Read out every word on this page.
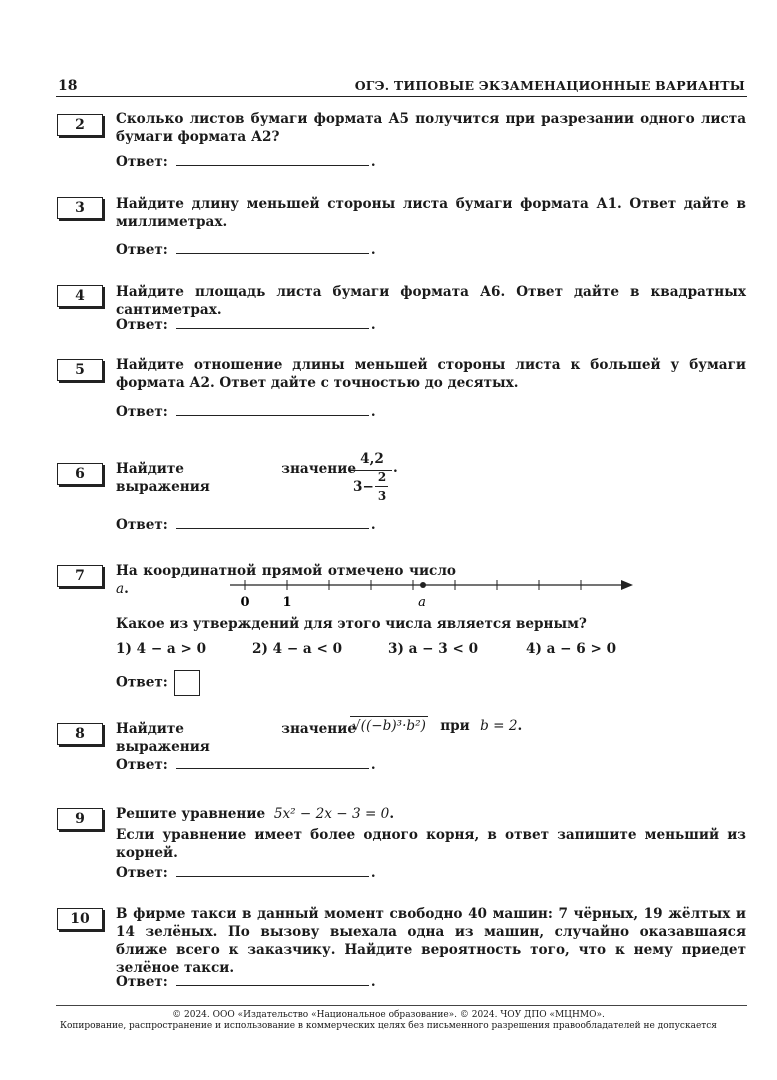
18	ОГЭ. ТИПОВЫЕ ЭКЗАМЕНАЦИОННЫЕ ВАРИАНТЫ
2	Сколько листов бумаги формата А5 получится при разрезании одного листа бумаги формата А2?
Ответ:	.
3	Найдите длину меньшей стороны листа бумаги формата А1. Ответ дайте в миллиметрах.
Ответ:	.
4	Найдите площадь листа бумаги формата А6. Ответ дайте в квадратных сантиметрах.
Ответ:	.
5	Найдите отношение длины меньшей стороны листа к большей у бумаги формата А2. Ответ дайте с точностью до десятых.
Ответ:	.
6	Найдите значение выражения
4,2
3−
2
3
.
Ответ:	.
7	На координатной прямой отмечено число a.
0	1	a
Какое из утверждений для этого числа является верным?
1) 4 − a > 0	2) 4 − a < 0	3) a − 3 < 0	4) a − 6 > 0
Ответ:
8	Найдите значение выражения
√((−b)³·b²) при b = 2.
Ответ:	.
9	Решите уравнение 5x² − 2x − 3 = 0.
Если уравнение имеет более одного корня, в ответ запишите меньший из корней.
Ответ:	.
10	В фирме такси в данный момент свободно 40 машин: 7 чёрных, 19 жёлтых и 14 зелёных. По вызову выехала одна из машин, случайно оказавшаяся ближе всего к заказчику. Найдите вероятность того, что к нему приедет зелёное такси.
Ответ:	.
© 2024. ООО «Издательство «Национальное образование». © 2024. ЧОУ ДПО «МЦНМО».
Копирование, распространение и использование в коммерческих целях без письменного разрешения правообладателей не допускается
